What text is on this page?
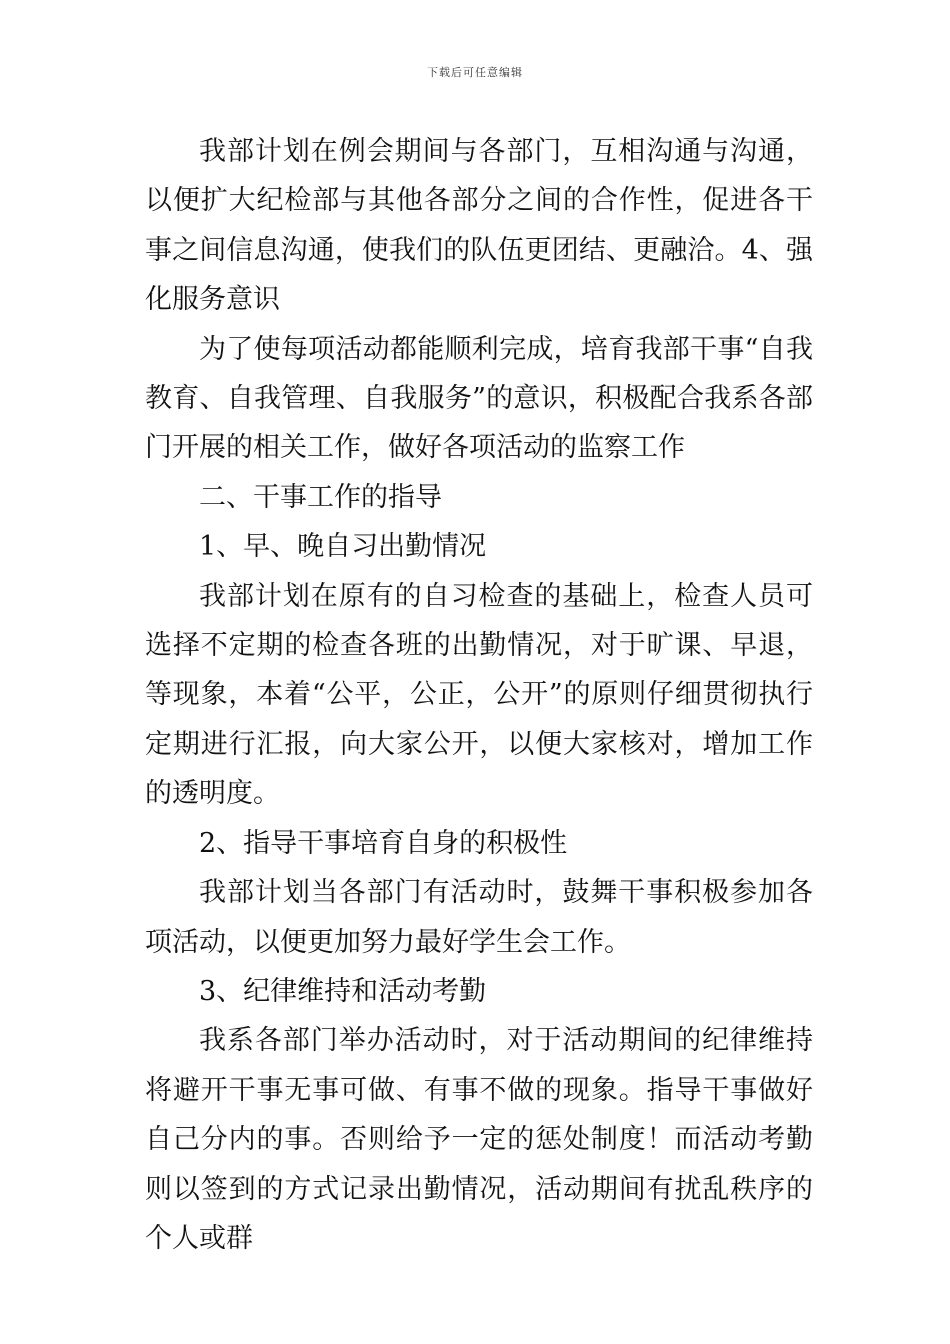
下载后可任意编辑

我部计划在例会期间与各部门，互相沟通与沟通，以便扩大纪检部与其他各部分之间的合作性，促进各干事之间信息沟通，使我们的队伍更团结、更融洽。4、强化服务意识

为了使每项活动都能顺利完成，培育我部干事“自我教育、自我管理、自我服务”的意识，积极配合我系各部门开展的相关工作，做好各项活动的监察工作

二、干事工作的指导

1、早、晚自习出勤情况

我部计划在原有的自习检查的基础上，检查人员可选择不定期的检查各班的出勤情况，对于旷课、早退，等现象，本着“公平，公正，公开”的原则仔细贯彻执行定期进行汇报，向大家公开，以便大家核对，增加工作的透明度。

2、指导干事培育自身的积极性

我部计划当各部门有活动时，鼓舞干事积极参加各项活动，以便更加努力最好学生会工作。

3、纪律维持和活动考勤

我系各部门举办活动时，对于活动期间的纪律维持将避开干事无事可做、有事不做的现象。指导干事做好自己分内的事。否则给予一定的惩处制度！而活动考勤则以签到的方式记录出勤情况，活动期间有扰乱秩序的个人或群
